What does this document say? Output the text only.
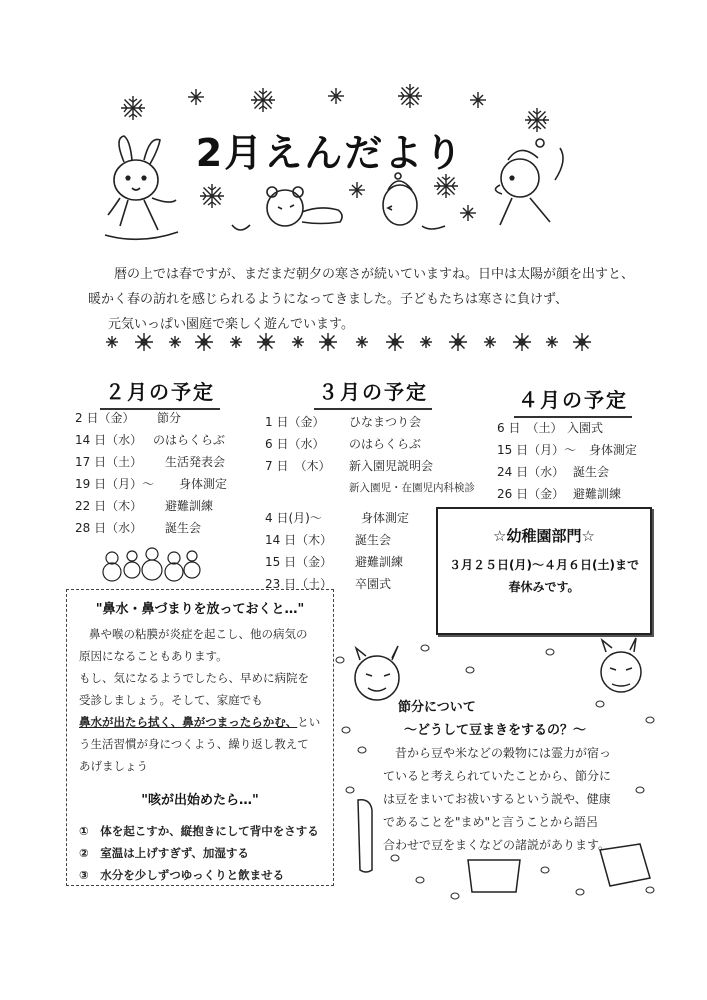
2月えんだより

暦の上では春ですが、まだまだ朝夕の寒さが続いていますね。日中は太陽が顔を出すと、

暖かく春の訪れを感じられるようになってきました。子どもたちは寒さに負けず、

元気いっぱい園庭で楽しく遊んでいます。

２月の予定
2 日（金）	節分
14 日（水） のはらくらぶ
17 日（土）	生活発表会
19 日（月）～	身体測定
22 日（木）	避難訓練
28 日（水）	誕生会
３月の予定
1 日（金）	ひなまつり会
6 日（水）	のはらくらぶ
7 日　（木）	新入園児説明会
新入園児・在園児内科検診
4 日(月)～	身体測定
14 日（木）	誕生会
15 日（金）	避難訓練
23 日（土）	卒園式
４月の予定
6 日　（土） 入園式
15 日（月）～	身体測定
24 日（水） 誕生会
26 日（金） 避難訓練
☆幼稚園部門☆
３月２５日(月)～４月６日(土)まで
春休みです。
"鼻水・鼻づまりを放っておくと…"

鼻や喉の粘膜が炎症を起こし、他の病気の

原因になることもあります。

もし、気になるようでしたら、早めに病院を

受診しましょう。そして、家庭でも

鼻水が出たら拭く、鼻がつまったらかむ、とい

う生活習慣が身につくよう、繰り返し教えて

あげましょう

"咳が出始めたら…"
①　体を起こすか、縦抱きにして背中をさする
②　室温は上げすぎず、加湿する
③　水分を少しずつゆっくりと飲ませる
節分について
～どうして豆まきをするの？～

昔から豆や米などの穀物には霊力が宿っ

ていると考えられていたことから、節分に

は豆をまいてお祓いするという説や、健康

であることを"まめ"と言うことから語呂

合わせで豆をまくなどの諸説があります。
